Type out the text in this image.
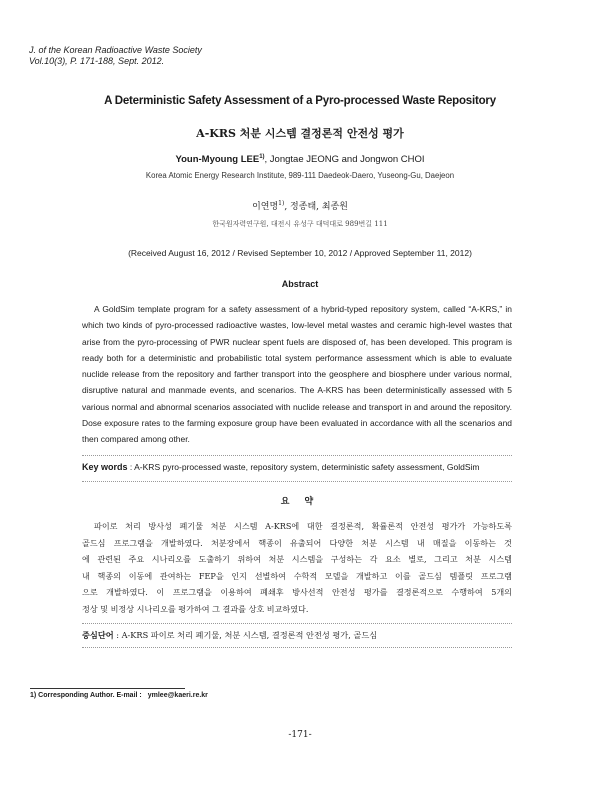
J. of the Korean Radioactive Waste Society
Vol.10(3), P. 171-188, Sept. 2012.
A Deterministic Safety Assessment of a Pyro-processed Waste Repository
A-KRS 처분 시스템 결정론적 안전성 평가
Youn-Myoung LEE$^{1)}$, Jongtae JEONG and Jongwon CHOI
Korea Atomic Energy Research Institute, 989-111 Daedeok-Daero, Yuseong-Gu, Daejeon
이연명$^{1)}$, 정종태, 최종원
한국원자력연구원, 대전시 유성구 대덕대로 989번길 111
(Received August 16, 2012 / Revised September 10, 2012 / Approved September 11, 2012)
Abstract
A GoldSim template program for a safety assessment of a hybrid-typed repository system, called “A-KRS,” in
which two kinds of pyro-processed radioactive wastes, low-level metal wastes and ceramic high-level wastes that
arise from the pyro-processing of PWR nuclear spent fuels are disposed of, has been developed. This program is
ready both for a deterministic and probabilistic total system performance assessment which is able to evaluate
nuclide release from the repository and farther transport into the geosphere and biosphere under various normal,
disruptive natural and manmade events, and scenarios. The A-KRS has been deterministically assessed with 5
various normal and abnormal scenarios associated with nuclide release and transport in and around the repository.
Dose exposure rates to the farming exposure group have been evaluated in accordance with all the scenarios and
then compared among other.
Key words : A-KRS pyro-processed waste, repository system, deterministic safety assessment, GoldSim
요 약
파이로 처리 방사성 폐기물 처분 시스템 A-KRS에 대한 결정론적, 확률론적 안전성 평가가 가능하도록
골드심 프로그램을 개발하였다. 처분장에서 핵종이 유출되어 다양한 처분 시스템 내 매질을 이동하는 것
에 관련된 주요 시나리오를 도출하기 위하여 처분 시스템을 구성하는 각 요소 별로, 그리고 처분 시스템
내 핵종의 이동에 관여하는 FEP을 인지 선별하여 수학적 모델을 개발하고 이를 골드심 템플릿 프로그램
으로 개발하였다. 이 프로그램을 이용하여 폐쇄후 방사선적 안전성 평가를 결정론적으로 수행하여 5개의
정상 및 비정상 시나리오를 평가하여 그 결과를 상호 비교하였다.
중심단어 : A-KRS 파이로 처리 폐기물, 처분 시스템, 결정론적 안전성 평가, 골드심
1) Corresponding Author. E-mail : ymlee@kaeri.re.kr
-171-
